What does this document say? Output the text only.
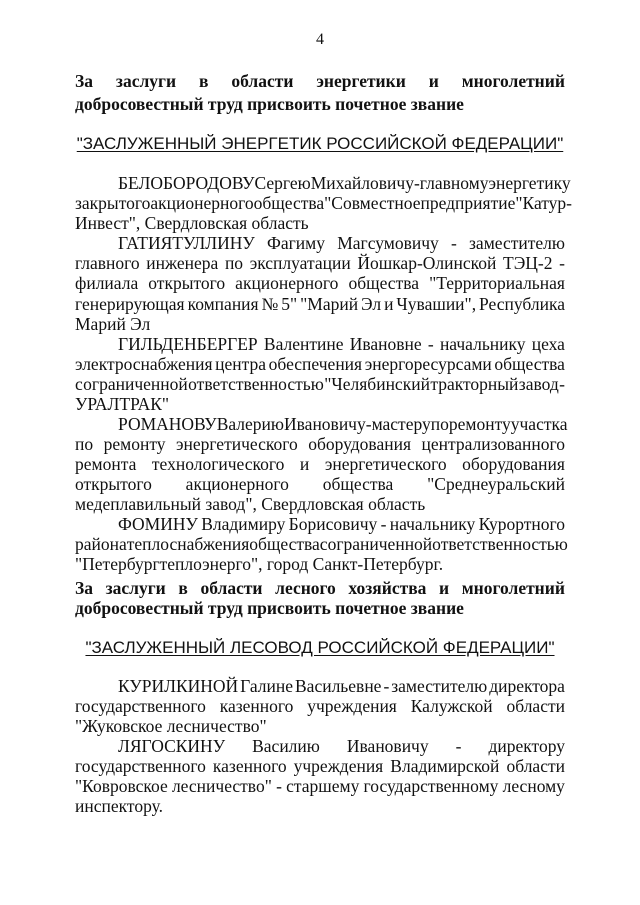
4
За заслуги в области энергетики и многолетний
добросовестный труд присвоить почетное звание
"ЗАСЛУЖЕННЫЙ ЭНЕРГЕТИК РОССИЙСКОЙ ФЕДЕРАЦИИ"
БЕЛОБОРОДОВУ Сергею Михайловичу - главному энергетику
закрытого акционерного общества "Совместное предприятие "Катур-
Инвест", Свердловская область
ГАТИЯТУЛЛИНУ Фагиму Магсумовичу - заместителю
главного инженера по эксплуатации Йошкар-Олинской ТЭЦ-2 -
филиала открытого акционерного общества "Территориальная
генерирующая компания № 5" "Марий Эл и Чувашии", Республика
Марий Эл
ГИЛЬДЕНБЕРГЕР Валентине Ивановне - начальнику цеха
электроснабжения центра обеспечения энергоресурсами общества
с ограниченной ответственностью "Челябинский тракторный завод -
УРАЛТРАК"
РОМАНОВУ Валерию Ивановичу - мастеру по ремонту участка
по ремонту энергетического оборудования централизованного
ремонта технологического и энергетического оборудования
открытого акционерного общества "Среднеуральский
медеплавильный завод", Свердловская область
ФОМИНУ Владимиру Борисовичу - начальнику Курортного
района теплоснабжения общества с ограниченной ответственностью
"Петербургтеплоэнерго", город Санкт-Петербург.
За заслуги в области лесного хозяйства и многолетний
добросовестный труд присвоить почетное звание
"ЗАСЛУЖЕННЫЙ ЛЕСОВОД РОССИЙСКОЙ ФЕДЕРАЦИИ"
КУРИЛКИНОЙ Галине Васильевне - заместителю директора
государственного казенного учреждения Калужской области
"Жуковское лесничество"
ЛЯГОСКИНУ Василию Ивановичу - директору
государственного казенного учреждения Владимирской области
"Ковровское лесничество" - старшему государственному лесному
инспектору.
